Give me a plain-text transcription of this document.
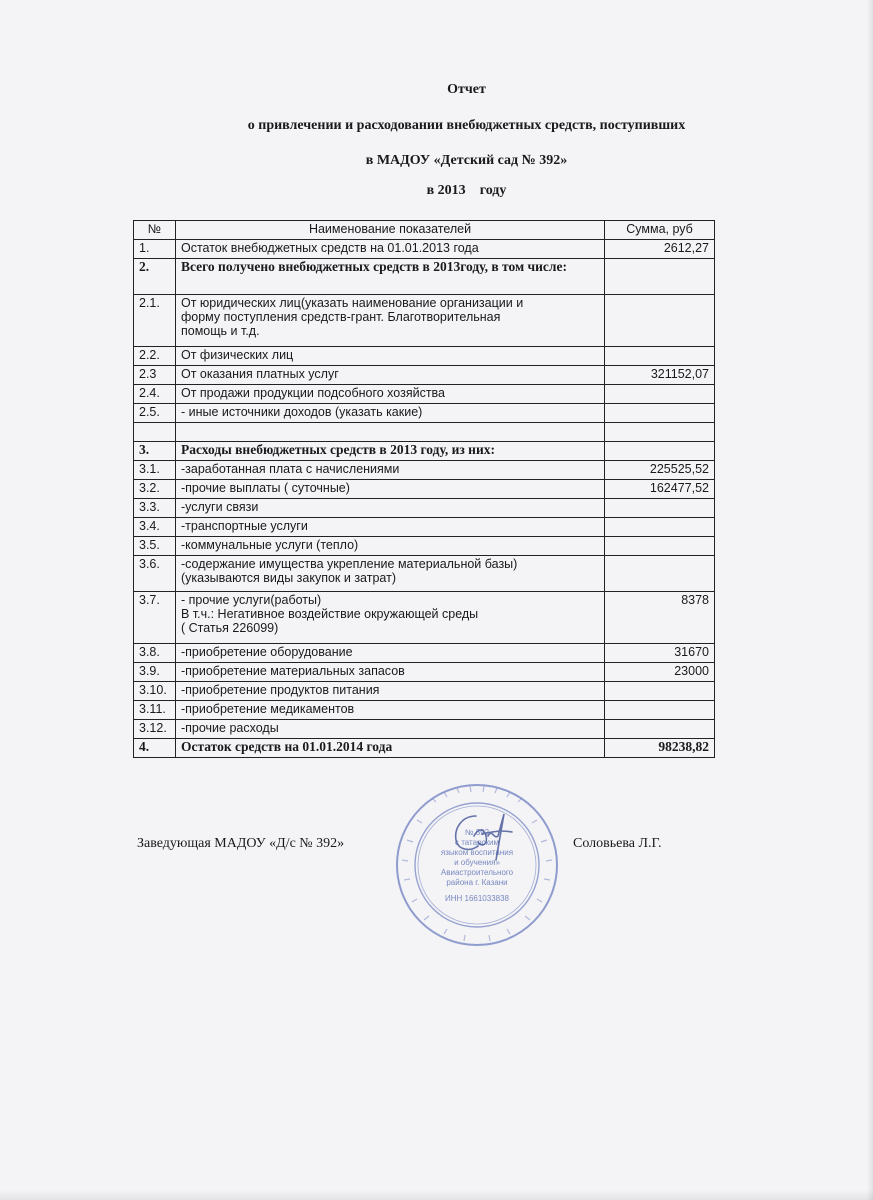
Отчет
о привлечении и расходовании внебюджетных средств, поступивших
в МАДОУ «Детский сад № 392»
в 2013 году
№	Наименование показателей	Сумма, руб
1.	Остаток внебюджетных средств на 01.01.2013 года	2612,27
2.	Всего получено внебюджетных средств в 2013году, в том числе:	
2.1.	От юридических лиц(указать наименование организации и
форму поступления средств-грант. Благотворительная
помощь и т.д.	

2.2.	От физических лиц	
2.3	От оказания платных услуг	321152,07
2.4.	От продажи продукции подсобного хозяйства	
2.5.	- иные источники доходов (указать какие)	

3.	Расходы внебюджетных средств в 2013 году, из них:	
3.1.	-заработанная плата с начислениями	225525,52
3.2.	-прочие выплаты ( суточные)	162477,52
3.3.	-услуги связи	
3.4.	-транспортные услуги	
3.5.	-коммунальные услуги (тепло)	
3.6.	-содержание имущества укрепление материальной базы)
(указываются виды закупок и затрат)	

3.7.	- прочие услуги(работы)
В т.ч.: Негативное воздействие окружающей среды
( Статья 226099)	8378
3.8.	-приобретение оборудование	31670
3.9.	-приобретение материальных запасов	23000
3.10.	-приобретение продуктов питания	
3.11.	-приобретение медикаментов	
3.12.	-прочие расходы	
4.	Остаток средств на 01.01.2014 года	98238,82
Заведующая МАДОУ «Д/с № 392»	Соловьева Л.Г.
№ 392
с татарским
языком воспитания
и обучения»
Авиастроительного
района г. Казани
ИНН 1661033838
